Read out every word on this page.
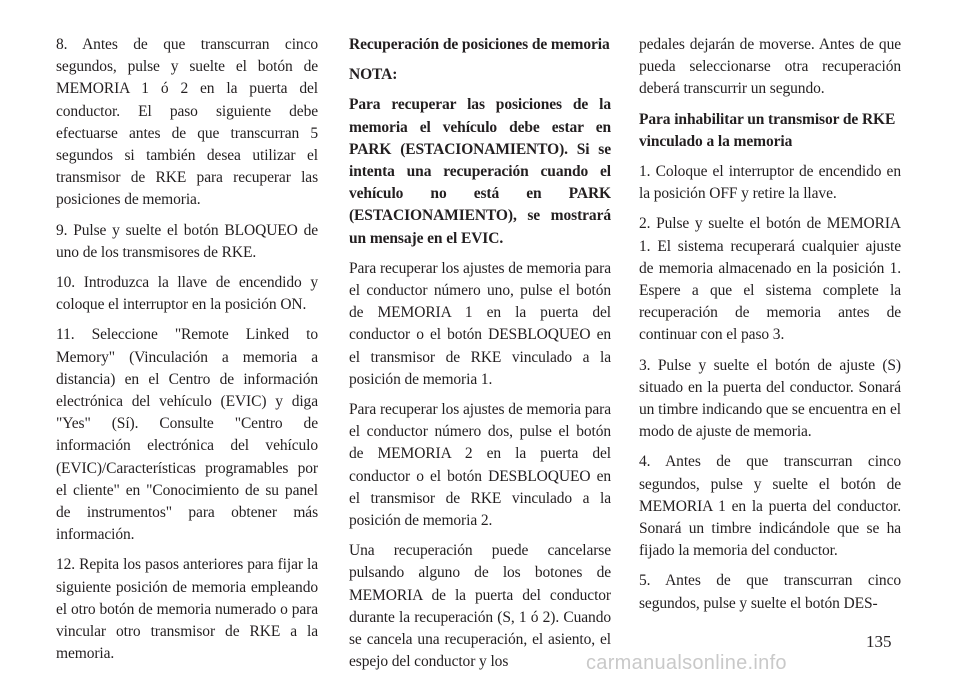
8. Antes de que transcurran cinco segundos, pulse y suelte el botón de MEMORIA 1 ó 2 en la puerta del conductor. El paso siguiente debe efectuarse antes de que transcurran 5 segundos si también desea utilizar el transmisor de RKE para recuperar las posiciones de memoria.

9. Pulse y suelte el botón BLOQUEO de uno de los transmisores de RKE.

10. Introduzca la llave de encendido y coloque el interruptor en la posición ON.

11. Seleccione "Remote Linked to Memory" (Vinculación a memoria a distancia) en el Centro de información electrónica del vehículo (EVIC) y diga "Yes" (Sí). Consulte "Centro de información electrónica del vehículo (EVIC)/Características programables por el cliente" en "Conocimiento de su panel de instrumentos" para obtener más información.

12. Repita los pasos anteriores para fijar la siguiente posición de memoria empleando el otro botón de memoria numerado o para vincular otro transmisor de RKE a la memoria.

Recuperación de posiciones de memoria

NOTA:

Para recuperar las posiciones de la memoria el vehículo debe estar en PARK (ESTACIONAMIENTO). Si se intenta una recuperación cuando el vehículo no está en PARK (ESTACIONAMIENTO), se mostrará un mensaje en el EVIC.

Para recuperar los ajustes de memoria para el conductor número uno, pulse el botón de MEMORIA 1 en la puerta del conductor o el botón DESBLOQUEO en el transmisor de RKE vinculado a la posición de memoria 1.

Para recuperar los ajustes de memoria para el conductor número dos, pulse el botón de MEMORIA 2 en la puerta del conductor o el botón DESBLOQUEO en el transmisor de RKE vinculado a la posición de memoria 2.

Una recuperación puede cancelarse pulsando alguno de los botones de MEMORIA de la puerta del conductor durante la recuperación (S, 1 ó 2). Cuando se cancela una recuperación, el asiento, el espejo del conductor y los

pedales dejarán de moverse. Antes de que pueda seleccionarse otra recuperación deberá transcurrir un segundo.

Para inhabilitar un transmisor de RKE vinculado a la memoria

1. Coloque el interruptor de encendido en la posición OFF y retire la llave.

2. Pulse y suelte el botón de MEMORIA 1. El sistema recuperará cualquier ajuste de memoria almacenado en la posición 1. Espere a que el sistema complete la recuperación de memoria antes de continuar con el paso 3.

3. Pulse y suelte el botón de ajuste (S) situado en la puerta del conductor. Sonará un timbre indicando que se encuentra en el modo de ajuste de memoria.

4. Antes de que transcurran cinco segundos, pulse y suelte el botón de MEMORIA 1 en la puerta del conductor. Sonará un timbre indicándole que se ha fijado la memoria del conductor.

5. Antes de que transcurran cinco segundos, pulse y suelte el botón DES-

135
carmanualsonline.info
